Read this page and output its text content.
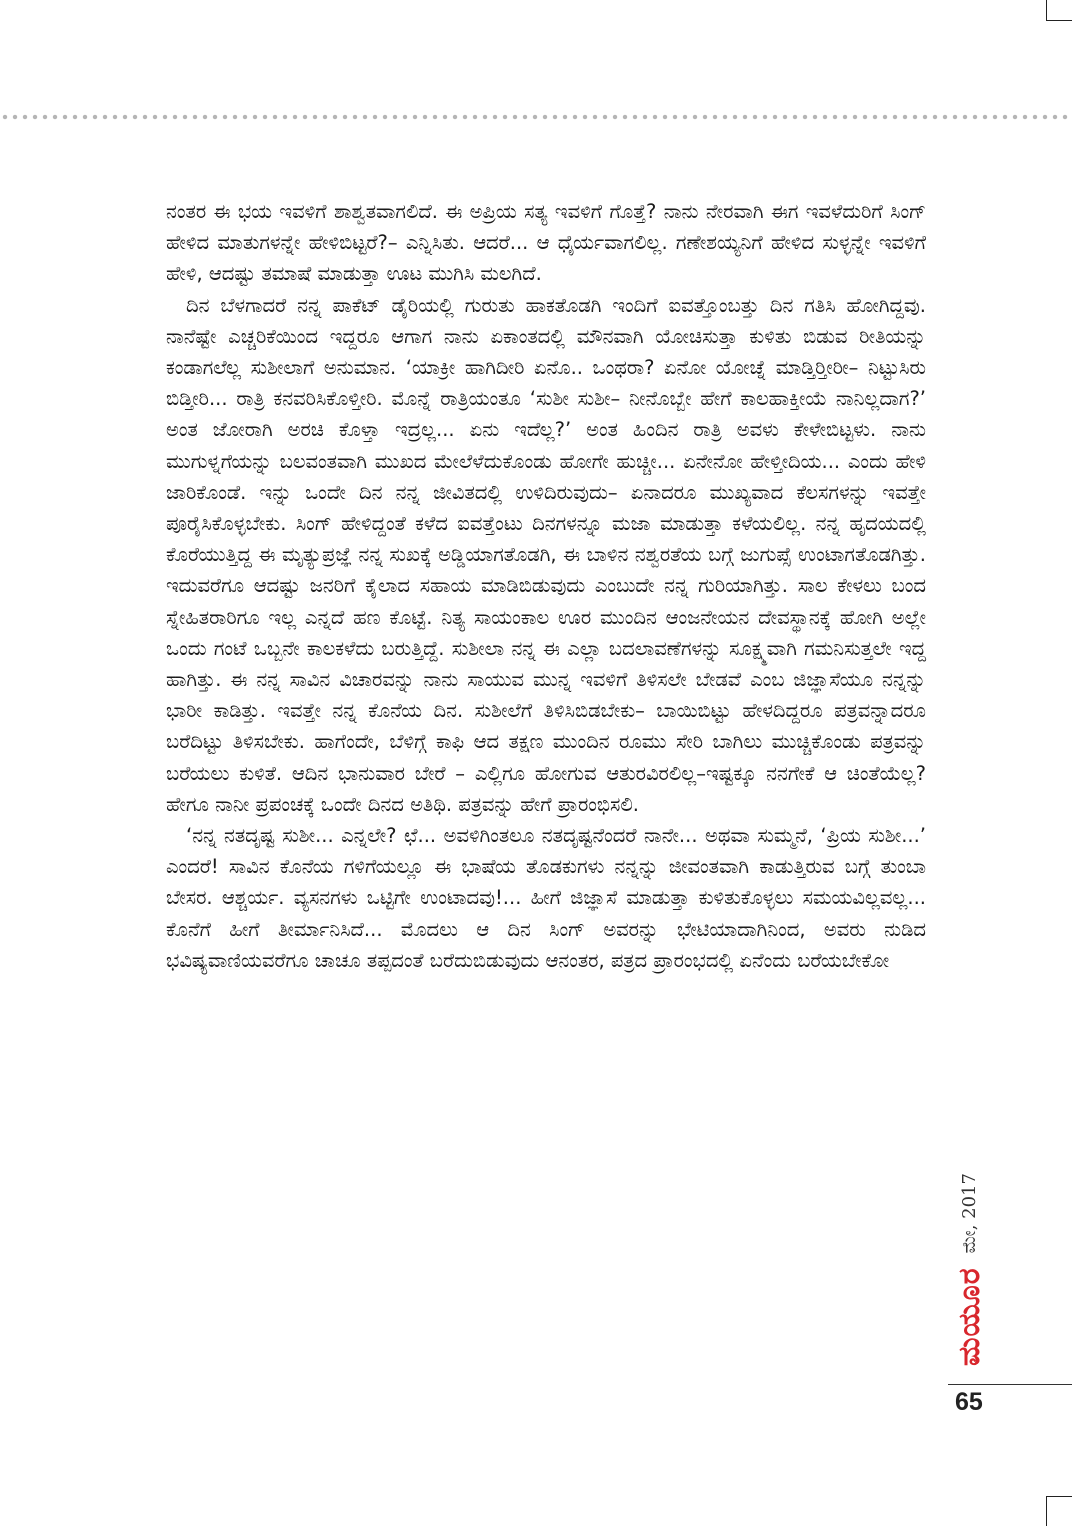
ನಂತರ ಈ ಭಯ ಇವಳಿಗೆ ಶಾಶ್ವತವಾಗಲಿದೆ. ಈ ಅಪ್ರಿಯ ಸತ್ಯ ಇವಳಿಗೆ ಗೊತ್ತೆ? ನಾನು ನೇರವಾಗಿ ಈಗ ಇವಳೆದುರಿಗೆ ಸಿಂಗ್ ಹೇಳಿದ ಮಾತುಗಳನ್ನೇ ಹೇಳಿಬಿಟ್ಟರೆ?– ಎನ್ನಿಸಿತು. ಆದರೆ... ಆ ಧೈರ್ಯವಾಗಲಿಲ್ಲ. ಗಣೇಶಯ್ಯನಿಗೆ ಹೇಳಿದ ಸುಳ್ಳನ್ನೇ ಇವಳಿಗೆ ಹೇಳಿ, ಆದಷ್ಟು ತಮಾಷೆ ಮಾಡುತ್ತಾ ಊಟ ಮುಗಿಸಿ ಮಲಗಿದೆ.

ದಿನ ಬೆಳಗಾದರೆ ನನ್ನ ಪಾಕೆಟ್ ಡೈರಿಯಲ್ಲಿ ಗುರುತು ಹಾಕತೊಡಗಿ ಇಂದಿಗೆ ಐವತ್ತೊಂಬತ್ತು ದಿನ ಗತಿಸಿ ಹೋಗಿದ್ದವು. ನಾನೆಷ್ಟೇ ಎಚ್ಚರಿಕೆಯಿಂದ ಇದ್ದರೂ ಆಗಾಗ ನಾನು ಏಕಾಂತದಲ್ಲಿ ಮೌನವಾಗಿ ಯೋಚಿಸುತ್ತಾ ಕುಳಿತು ಬಿಡುವ ರೀತಿಯನ್ನು ಕಂಡಾಗಲೆಲ್ಲ ಸುಶೀಲಾಗೆ ಅನುಮಾನ. ‘ಯಾಕ್ರೀ ಹಾಗಿದೀರಿ ಏನೊ.. ಒಂಥರಾ? ಏನೋ ಯೋಚ್ನೆ ಮಾಡ್ತಿರ್‍ತೀರೀ– ನಿಟ್ಟುಸಿರು ಬಿಡ್ತೀರಿ... ರಾತ್ರಿ ಕನವರಿಸಿಕೊಳ್ತೀರಿ. ಮೊನ್ನೆ ರಾತ್ರಿಯಂತೂ ‘ಸುಶೀ ಸುಶೀ– ನೀನೊಬ್ಬೇ ಹೇಗೆ ಕಾಲಹಾಕ್ತೀಯೆ ನಾನಿಲ್ಲದಾಗ?’ ಅಂತ ಜೋರಾಗಿ ಅರಚಿ ಕೊಳ್ತಾ ಇದ್ರಲ್ಲ... ಏನು ಇದೆಲ್ಲ?’ ಅಂತ ಹಿಂದಿನ ರಾತ್ರಿ ಅವಳು ಕೇಳೇಬಿಟ್ಟಳು. ನಾನು ಮುಗುಳ್ನಗೆಯನ್ನು ಬಲವಂತವಾಗಿ ಮುಖದ ಮೇಲೆಳೆದುಕೊಂಡು ಹೋಗೇ ಹುಚ್ಚೀ... ಏನೇನೋ ಹೇಳ್ತೀದಿಯ... ಎಂದು ಹೇಳಿ ಜಾರಿಕೊಂಡೆ. ಇನ್ನು ಒಂದೇ ದಿನ ನನ್ನ ಜೀವಿತದಲ್ಲಿ ಉಳಿದಿರುವುದು– ಏನಾದರೂ ಮುಖ್ಯವಾದ ಕೆಲಸಗಳನ್ನು ಇವತ್ತೇ ಪೂರೈಸಿಕೊಳ್ಳಬೇಕು. ಸಿಂಗ್ ಹೇಳಿದ್ದಂತೆ ಕಳೆದ ಐವತ್ತೆಂಟು ದಿನಗಳನ್ನೂ ಮಜಾ ಮಾಡುತ್ತಾ ಕಳೆಯಲಿಲ್ಲ. ನನ್ನ ಹೃದಯದಲ್ಲಿ ಕೊರೆಯುತ್ತಿದ್ದ ಈ ಮೃತ್ಯುಪ್ರಜ್ಞೆ ನನ್ನ ಸುಖಕ್ಕೆ ಅಡ್ಡಿಯಾಗತೊಡಗಿ, ಈ ಬಾಳಿನ ನಶ್ವರತೆಯ ಬಗ್ಗೆ ಜುಗುಪ್ಸೆ ಉಂಟಾಗತೊಡಗಿತ್ತು. ಇದುವರೆಗೂ ಆದಷ್ಟು ಜನರಿಗೆ ಕೈಲಾದ ಸಹಾಯ ಮಾಡಿಬಿಡುವುದು ಎಂಬುದೇ ನನ್ನ ಗುರಿಯಾಗಿತ್ತು. ಸಾಲ ಕೇಳಲು ಬಂದ ಸ್ನೇಹಿತರಾರಿಗೂ ಇಲ್ಲ ಎನ್ನದೆ ಹಣ ಕೊಟ್ಟೆ. ನಿತ್ಯ ಸಾಯಂಕಾಲ ಊರ ಮುಂದಿನ ಆಂಜನೇಯನ ದೇವಸ್ಥಾನಕ್ಕೆ ಹೋಗಿ ಅಲ್ಲೇ ಒಂದು ಗಂಟೆ ಒಬ್ಬನೇ ಕಾಲಕಳೆದು ಬರುತ್ತಿದ್ದೆ. ಸುಶೀಲಾ ನನ್ನ ಈ ಎಲ್ಲಾ ಬದಲಾವಣೆಗಳನ್ನು ಸೂಕ್ಷ್ಮವಾಗಿ ಗಮನಿಸುತ್ತಲೇ ಇದ್ದ ಹಾಗಿತ್ತು. ಈ ನನ್ನ ಸಾವಿನ ವಿಚಾರವನ್ನು ನಾನು ಸಾಯುವ ಮುನ್ನ ಇವಳಿಗೆ ತಿಳಿಸಲೇ ಬೇಡವೆ ಎಂಬ ಜಿಜ್ಞಾಸೆಯೂ ನನ್ನನ್ನು ಭಾರೀ ಕಾಡಿತ್ತು. ಇವತ್ತೇ ನನ್ನ ಕೊನೆಯ ದಿನ. ಸುಶೀಲೆಗೆ ತಿಳಿಸಿಬಿಡಬೇಕು– ಬಾಯಿಬಿಟ್ಟು ಹೇಳದಿದ್ದರೂ ಪತ್ರವನ್ನಾದರೂ ಬರೆದಿಟ್ಟು ತಿಳಿಸಬೇಕು. ಹಾಗೆಂದೇ, ಬೆಳಿಗ್ಗೆ ಕಾಫಿ ಆದ ತಕ್ಷಣ ಮುಂದಿನ ರೂಮು ಸೇರಿ ಬಾಗಿಲು ಮುಚ್ಚಿಕೊಂಡು ಪತ್ರವನ್ನು ಬರೆಯಲು ಕುಳಿತೆ. ಆದಿನ ಭಾನುವಾರ ಬೇರೆ – ಎಲ್ಲಿಗೂ ಹೋಗುವ ಆತುರವಿರಲಿಲ್ಲ–ಇಷ್ಟಕ್ಕೂ ನನಗೇಕೆ ಆ ಚಿಂತೆಯೆಲ್ಲ? ಹೇಗೂ ನಾನೀ ಪ್ರಪಂಚಕ್ಕೆ ಒಂದೇ ದಿನದ ಅತಿಥಿ. ಪತ್ರವನ್ನು ಹೇಗೆ ಪ್ರಾರಂಭಿಸಲಿ.

‘ನನ್ನ ನತದೃಷ್ಟ ಸುಶೀ... ಎನ್ನಲೇ? ಛೆ... ಅವಳಿಗಿಂತಲೂ ನತದೃಷ್ಟನೆಂದರೆ ನಾನೇ... ಅಥವಾ ಸುಮ್ಮನೆ, ‘ಪ್ರಿಯ ಸುಶೀ...’ ಎಂದರೆ! ಸಾವಿನ ಕೊನೆಯ ಗಳಿಗೆಯಲ್ಲೂ ಈ ಭಾಷೆಯ ತೊಡಕುಗಳು ನನ್ನನ್ನು ಜೀವಂತವಾಗಿ ಕಾಡುತ್ತಿರುವ ಬಗ್ಗೆ ತುಂಬಾ ಬೇಸರ. ಆಶ್ಚರ್ಯ. ವ್ಯಸನಗಳು ಒಟ್ಟಿಗೇ ಉಂಟಾದವು!... ಹೀಗೆ ಜಿಜ್ಞಾಸೆ ಮಾಡುತ್ತಾ ಕುಳಿತುಕೊಳ್ಳಲು ಸಮಯವಿಲ್ಲವಲ್ಲ... ಕೊನೆಗೆ ಹೀಗೆ ತೀರ್ಮಾನಿಸಿದೆ... ಮೊದಲು ಆ ದಿನ ಸಿಂಗ್ ಅವರನ್ನು ಭೇಟಿಯಾದಾಗಿನಿಂದ, ಅವರು ನುಡಿದ ಭವಿಷ್ಯವಾಣಿಯವರೆಗೂ ಚಾಚೂ ತಪ್ಪದಂತೆ ಬರೆದುಬಿಡುವುದು ಆನಂತರ, ಪತ್ರದ ಪ್ರಾರಂಭದಲ್ಲಿ ಏನೆಂದು ಬರೆಯಬೇಕೋ

ಮಯೂರ
ಮೇ, 2017
65
